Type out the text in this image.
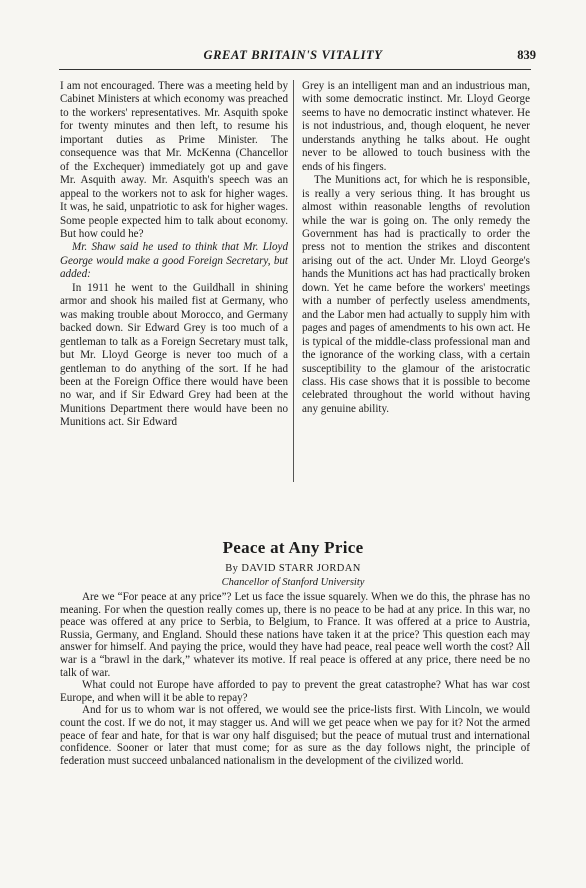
GREAT BRITAIN'S VITALITY	839

I am not encouraged. There was a meeting held by Cabinet Ministers at which economy was preached to the workers' representatives. Mr. Asquith spoke for twenty minutes and then left, to resume his important duties as Prime Minister. The consequence was that Mr. McKenna (Chancellor of the Exchequer) immediately got up and gave Mr. Asquith away. Mr. Asquith's speech was an appeal to the workers not to ask for higher wages. It was, he said, unpatriotic to ask for higher wages. Some people expected him to talk about economy. But how could he?

Mr. Shaw said he used to think that Mr. Lloyd George would make a good Foreign Secretary, but added:

In 1911 he went to the Guildhall in shining armor and shook his mailed fist at Germany, who was making trouble about Morocco, and Germany backed down. Sir Edward Grey is too much of a gentleman to talk as a Foreign Secretary must talk, but Mr. Lloyd George is never too much of a gentleman to do anything of the sort. If he had been at the Foreign Office there would have been no war, and if Sir Edward Grey had been at the Munitions Department there would have been no Munitions act. Sir Edward

Grey is an intelligent man and an industrious man, with some democratic instinct. Mr. Lloyd George seems to have no democratic instinct whatever. He is not industrious, and, though eloquent, he never understands anything he talks about. He ought never to be allowed to touch business with the ends of his fingers.

The Munitions act, for which he is responsible, is really a very serious thing. It has brought us almost within reasonable lengths of revolution while the war is going on. The only remedy the Government has had is practically to order the press not to mention the strikes and discontent arising out of the act. Under Mr. Lloyd George's hands the Munitions act has had practically broken down. Yet he came before the workers' meetings with a number of perfectly useless amendments, and the Labor men had actually to supply him with pages and pages of amendments to his own act. He is typical of the middle-class professional man and the ignorance of the working class, with a certain susceptibility to the glamour of the aristocratic class. His case shows that it is possible to become celebrated throughout the world without having any genuine ability.

Peace at Any Price
By DAVID STARR JORDAN
Chancellor of Stanford University

Are we “For peace at any price”? Let us face the issue squarely. When we do this, the phrase has no meaning. For when the question really comes up, there is no peace to be had at any price. In this war, no peace was offered at any price to Serbia, to Belgium, to France. It was offered at a price to Austria, Russia, Germany, and England. Should these nations have taken it at the price? This question each may answer for himself. And paying the price, would they have had peace, real peace well worth the cost? All war is a “brawl in the dark,” whatever its motive. If real peace is offered at any price, there need be no talk of war.

What could not Europe have afforded to pay to prevent the great catastrophe? What has war cost Europe, and when will it be able to repay?

And for us to whom war is not offered, we would see the price-lists first. With Lincoln, we would count the cost. If we do not, it may stagger us. And will we get peace when we pay for it? Not the armed peace of fear and hate, for that is war ony half disguised; but the peace of mutual trust and international confidence. Sooner or later that must come; for as sure as the day follows night, the principle of federation must succeed unbalanced nationalism in the development of the civilized world.
